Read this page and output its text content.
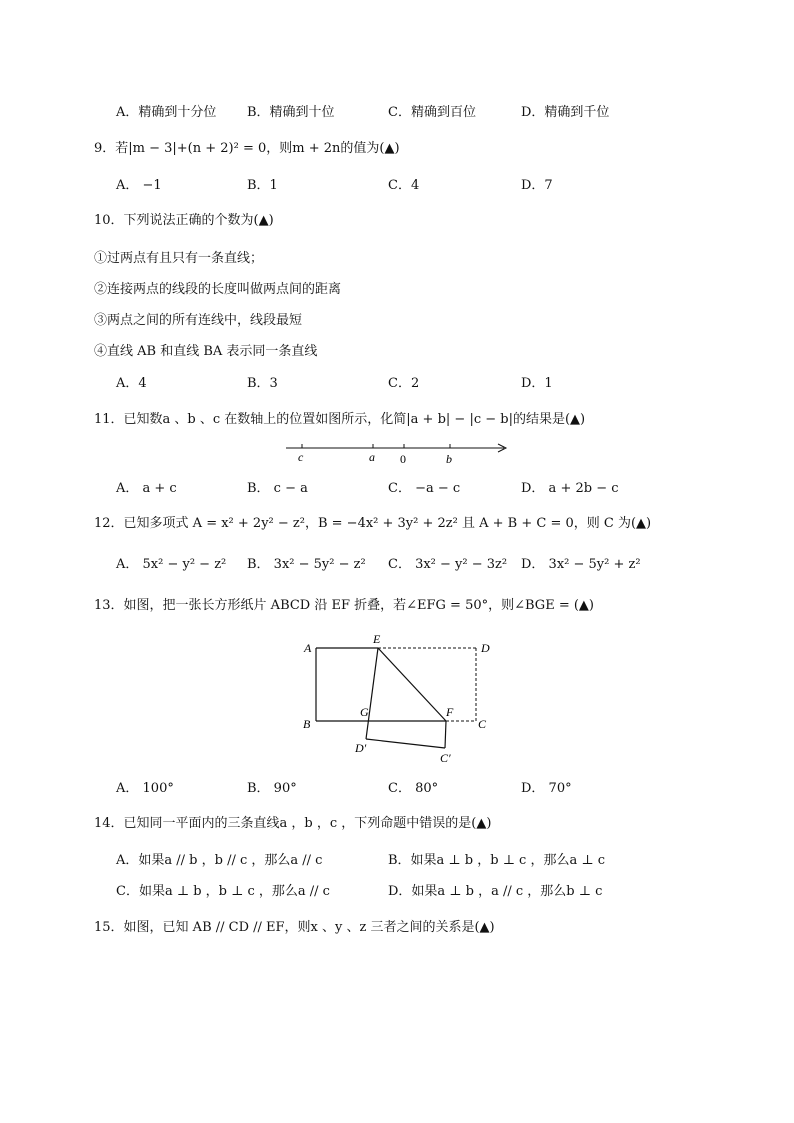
A．精确到十分位 B．精确到十位	C．精确到百位	D．精确到千位
9．若|m − 3|+(n + 2)² = 0，则m + 2n的值为(▲)
A． −1	B．1	C．4	D．7
10．下列说法正确的个数为(▲)
①过两点有且只有一条直线；
②连接两点的线段的长度叫做两点间的距离
③两点之间的所有连线中，线段最短
④直线 AB 和直线 BA 表示同一条直线
A．4	B．3	C．2	D．1
11．已知数a 、b 、c 在数轴上的位置如图所示，化简|a + b| − |c − b|的结果是(▲)
c	a 0	b
A． a + c	B． c − a	C． −a − c	D． a + 2b − c
12．已知多项式 A = x² + 2y² − z²，B = −4x² + 3y² + 2z² 且 A + B + C = 0，则 C 为(▲)
A． 5x² − y² − z² B． 3x² − 5y² − z² C． 3x² − y² − 3z² D． 3x² − 5y² + z²
13．如图，把一张长方形纸片 ABCD 沿 EF 折叠，若∠EFG = 50°，则∠BGE = (▲)
A
E
D
B
G	F
C
D′
C′
A． 100°	B． 90°	C． 80°	D． 70°
14．已知同一平面内的三条直线a ，b ，c ，下列命题中错误的是(▲)
A．如果a // b ，b // c ，那么a // c	B．如果a ⊥ b ，b ⊥ c ，那么a ⊥ c
C．如果a ⊥ b ，b ⊥ c ，那么a // c	D．如果a ⊥ b ，a // c ，那么b ⊥ c
15．如图，已知 AB // CD // EF，则x 、y 、z 三者之间的关系是(▲)
